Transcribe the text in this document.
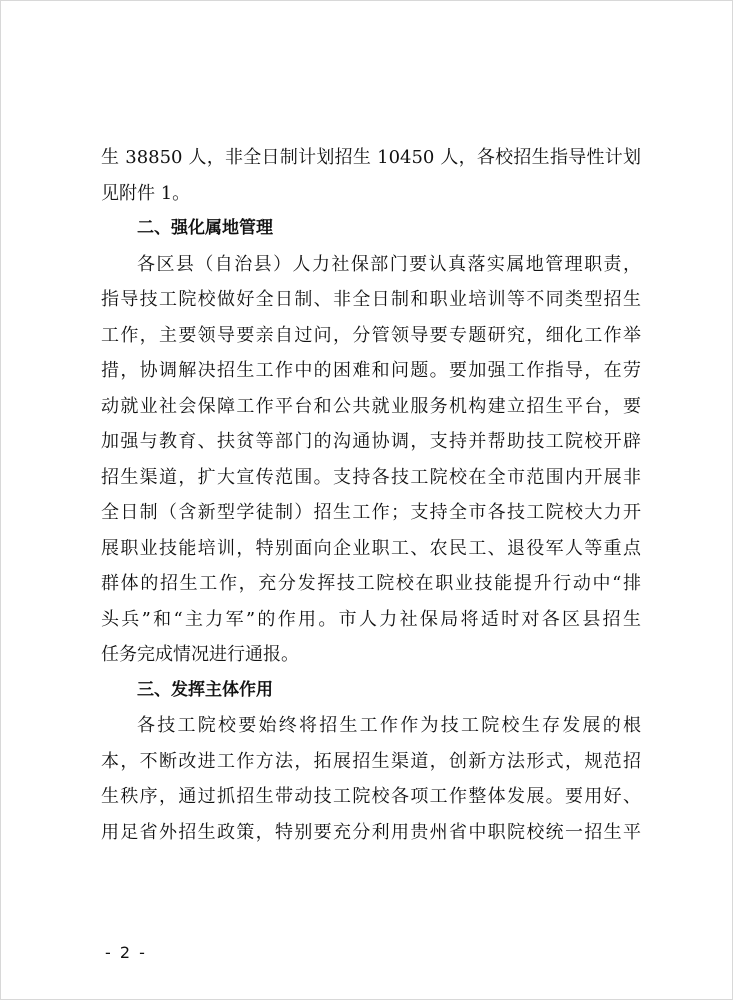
生 38850 人，非全日制计划招生 10450 人，各校招生指导性计划
见附件 1。
二、强化属地管理
各区县（自治县）人力社保部门要认真落实属地管理职责，
指导技工院校做好全日制、非全日制和职业培训等不同类型招生
工作，主要领导要亲自过问，分管领导要专题研究，细化工作举
措，协调解决招生工作中的困难和问题。要加强工作指导，在劳
动就业社会保障工作平台和公共就业服务机构建立招生平台，要
加强与教育、扶贫等部门的沟通协调，支持并帮助技工院校开辟
招生渠道，扩大宣传范围。支持各技工院校在全市范围内开展非
全日制（含新型学徒制）招生工作；支持全市各技工院校大力开
展职业技能培训，特别面向企业职工、农民工、退役军人等重点
群体的招生工作，充分发挥技工院校在职业技能提升行动中“排
头兵”和“主力军”的作用。市人力社保局将适时对各区县招生
任务完成情况进行通报。
三、发挥主体作用
各技工院校要始终将招生工作作为技工院校生存发展的根
本，不断改进工作方法，拓展招生渠道，创新方法形式，规范招
生秩序，通过抓招生带动技工院校各项工作整体发展。要用好、
用足省外招生政策，特别要充分利用贵州省中职院校统一招生平
- 2 -
